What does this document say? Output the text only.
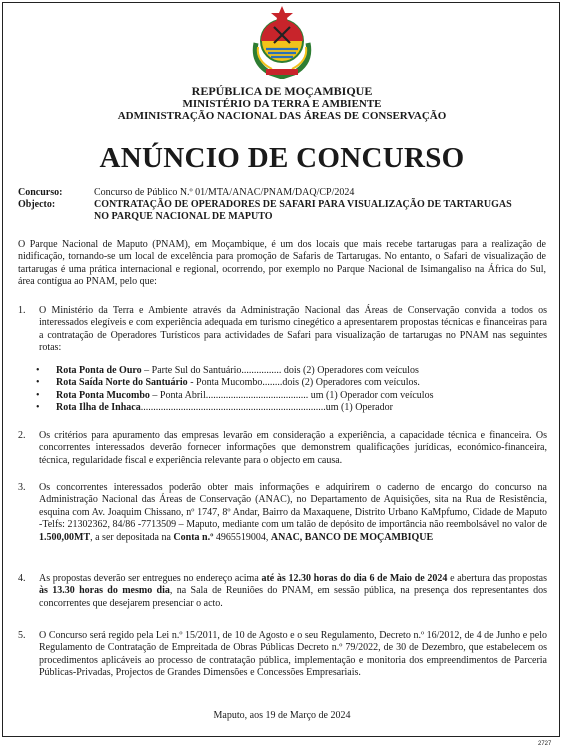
REPÚBLICA DE MOÇAMBIQUE
MINISTÉRIO DA TERRA E AMBIENTE
ADMINISTRAÇÃO NACIONAL DAS ÁREAS DE CONSERVAÇÃO
ANÚNCIO DE CONCURSO
Concurso:	Concurso de Público N.º 01/MTA/ANAC/PNAM/DAQ/CP/2024
Objecto:	CONTRATAÇÃO DE OPERADORES DE SAFARI PARA VISUALIZAÇÃO DE TARTARUGAS
NO PARQUE NACIONAL DE MAPUTO
O Parque Nacional de Maputo (PNAM), em Moçambique, é um dos locais que mais recebe tartarugas para a realização de nidificação, tornando-se um local de excelência para promoção de Safaris de Tartarugas. No entanto, o Safari de visualização de tartarugas é uma prática internacional e regional, ocorrendo, por exemplo no Parque Nacional de Isimangaliso na África do Sul, área contígua ao PNAM, pelo que:
1. O Ministério da Terra e Ambiente através da Administração Nacional das Áreas de Conservação convida a todos os interessados elegíveis e com experiência adequada em turismo cinegético a apresentarem propostas técnicas e financeiras para a contratação de Operadores Turísticos para actividades de Safari para visualização de tartarugas no PNAM nas seguintes rotas:
• Rota Ponta de Ouro – Parte Sul do Santuário................ dois (2) Operadores com veículos
• Rota Saída Norte do Santuário - Ponta Mucombo........dois (2) Operadores com veículos.
• Rota Ponta Mucombo – Ponta Abril......................................... um (1) Operador com veículos
• Rota Ilha de Inhaca..........................................................................um (1) Operador
2. Os critérios para apuramento das empresas levarão em consideração a experiência, a capacidade técnica e financeira. Os concorrentes interessados deverão fornecer informações que demonstrem qualificações jurídicas, económico-financeira, técnica, regularidade fiscal e experiência relevante para o objecto em causa.
3. Os concorrentes interessados poderão obter mais informações e adquirirem o caderno de encargo do concurso na Administração Nacional das Áreas de Conservação (ANAC), no Departamento de Aquisições, sita na Rua de Resistência, esquina com Av. Joaquim Chissano, nº 1747, 8º Andar, Bairro da Maxaquene, Distrito Urbano KaMpfumo, Cidade de Maputo -Telfs: 21302362, 84/86 -7713509 – Maputo, mediante com um talão de depósito de importância não reembolsável no valor de 1.500,00MT, a ser depositada na Conta n.º 4965519004, ANAC, BANCO DE MOÇAMBIQUE
4. As propostas deverão ser entregues no endereço acima até às 12.30 horas do dia 6 de Maio de 2024 e abertura das propostas às 13.30 horas do mesmo dia, na Sala de Reuniões do PNAM, em sessão pública, na presença dos representantes dos concorrentes que desejarem presenciar o acto.
5. O Concurso será regido pela Lei n.º 15/2011, de 10 de Agosto e o seu Regulamento, Decreto n.º 16/2012, de 4 de Junho e pelo Regulamento de Contratação de Empreitada de Obras Públicas Decreto n.º 79/2022, de 30 de Dezembro, que estabelecem os procedimentos aplicáveis ao processo de contratação pública, implementação e monitoria dos empreendimentos de Parceria Públicas-Privadas, Projectos de Grandes Dimensões e Concessões Empresariais.
Maputo, aos 19 de Março de 2024
2727
